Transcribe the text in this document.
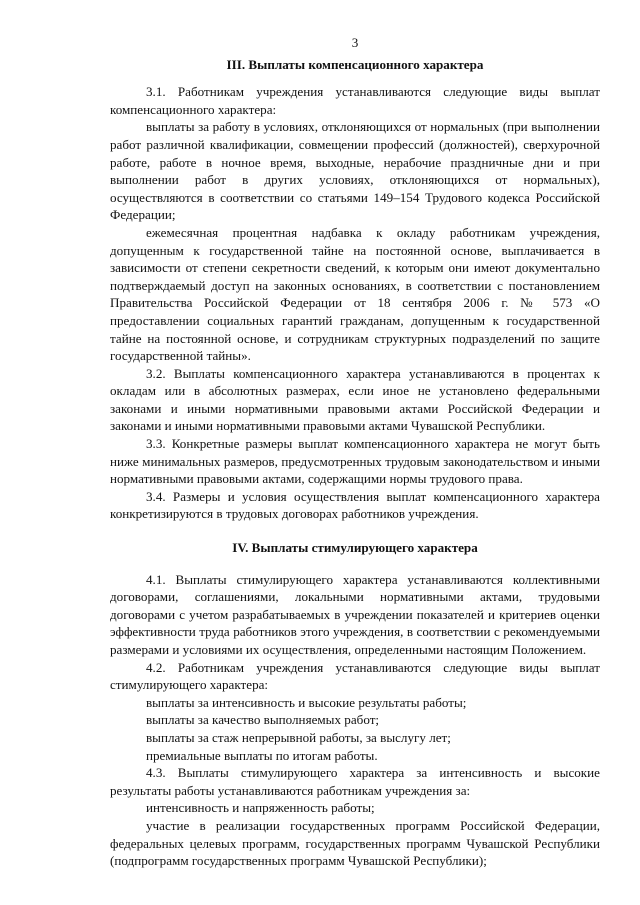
3
III. Выплаты компенсационного характера

3.1. Работникам учреждения устанавливаются следующие виды выплат компенсационного характера:

выплаты за работу в условиях, отклоняющихся от нормальных (при выполнении работ различной квалификации, совмещении профессий (должностей), сверхурочной работе, работе в ночное время, выходные, нерабочие праздничные дни и при выполнении работ в других условиях, отклоняющихся от нормальных), осуществляются в соответствии со статьями 149–154 Трудового кодекса Российской Федерации;

ежемесячная процентная надбавка к окладу работникам учреждения, допущенным к государственной тайне на постоянной основе, выплачивается в зависимости от степени секретности сведений, к которым они имеют документально подтверждаемый доступ на законных основаниях, в соответствии с постановлением Правительства Российской Федерации от 18 сентября 2006 г. № 573 «О предоставлении социальных гарантий гражданам, допущенным к государственной тайне на постоянной основе, и сотрудникам структурных подразделений по защите государственной тайны».

3.2. Выплаты компенсационного характера устанавливаются в процентах к окладам или в абсолютных размерах, если иное не установлено федеральными законами и иными нормативными правовыми актами Российской Федерации и законами и иными нормативными правовыми актами Чувашской Республики.

3.3. Конкретные размеры выплат компенсационного характера не могут быть ниже минимальных размеров, предусмотренных трудовым законодательством и иными нормативными правовыми актами, содержащими нормы трудового права.

3.4. Размеры и условия осуществления выплат компенсационного характера конкретизируются в трудовых договорах работников учреждения.

IV. Выплаты стимулирующего характера

4.1. Выплаты стимулирующего характера устанавливаются коллективными договорами, соглашениями, локальными нормативными актами, трудовыми договорами с учетом разрабатываемых в учреждении показателей и критериев оценки эффективности труда работников этого учреждения, в соответствии с рекомендуемыми размерами и условиями их осуществления, определенными настоящим Положением.

4.2. Работникам учреждения устанавливаются следующие виды выплат стимулирующего характера:

выплаты за интенсивность и высокие результаты работы;

выплаты за качество выполняемых работ;

выплаты за стаж непрерывной работы, за выслугу лет;

премиальные выплаты по итогам работы.

4.3. Выплаты стимулирующего характера за интенсивность и высокие результаты работы устанавливаются работникам учреждения за:

интенсивность и напряженность работы;

участие в реализации государственных программ Российской Федерации, федеральных целевых программ, государственных программ Чувашской Республики (подпрограмм государственных программ Чувашской Республики);
